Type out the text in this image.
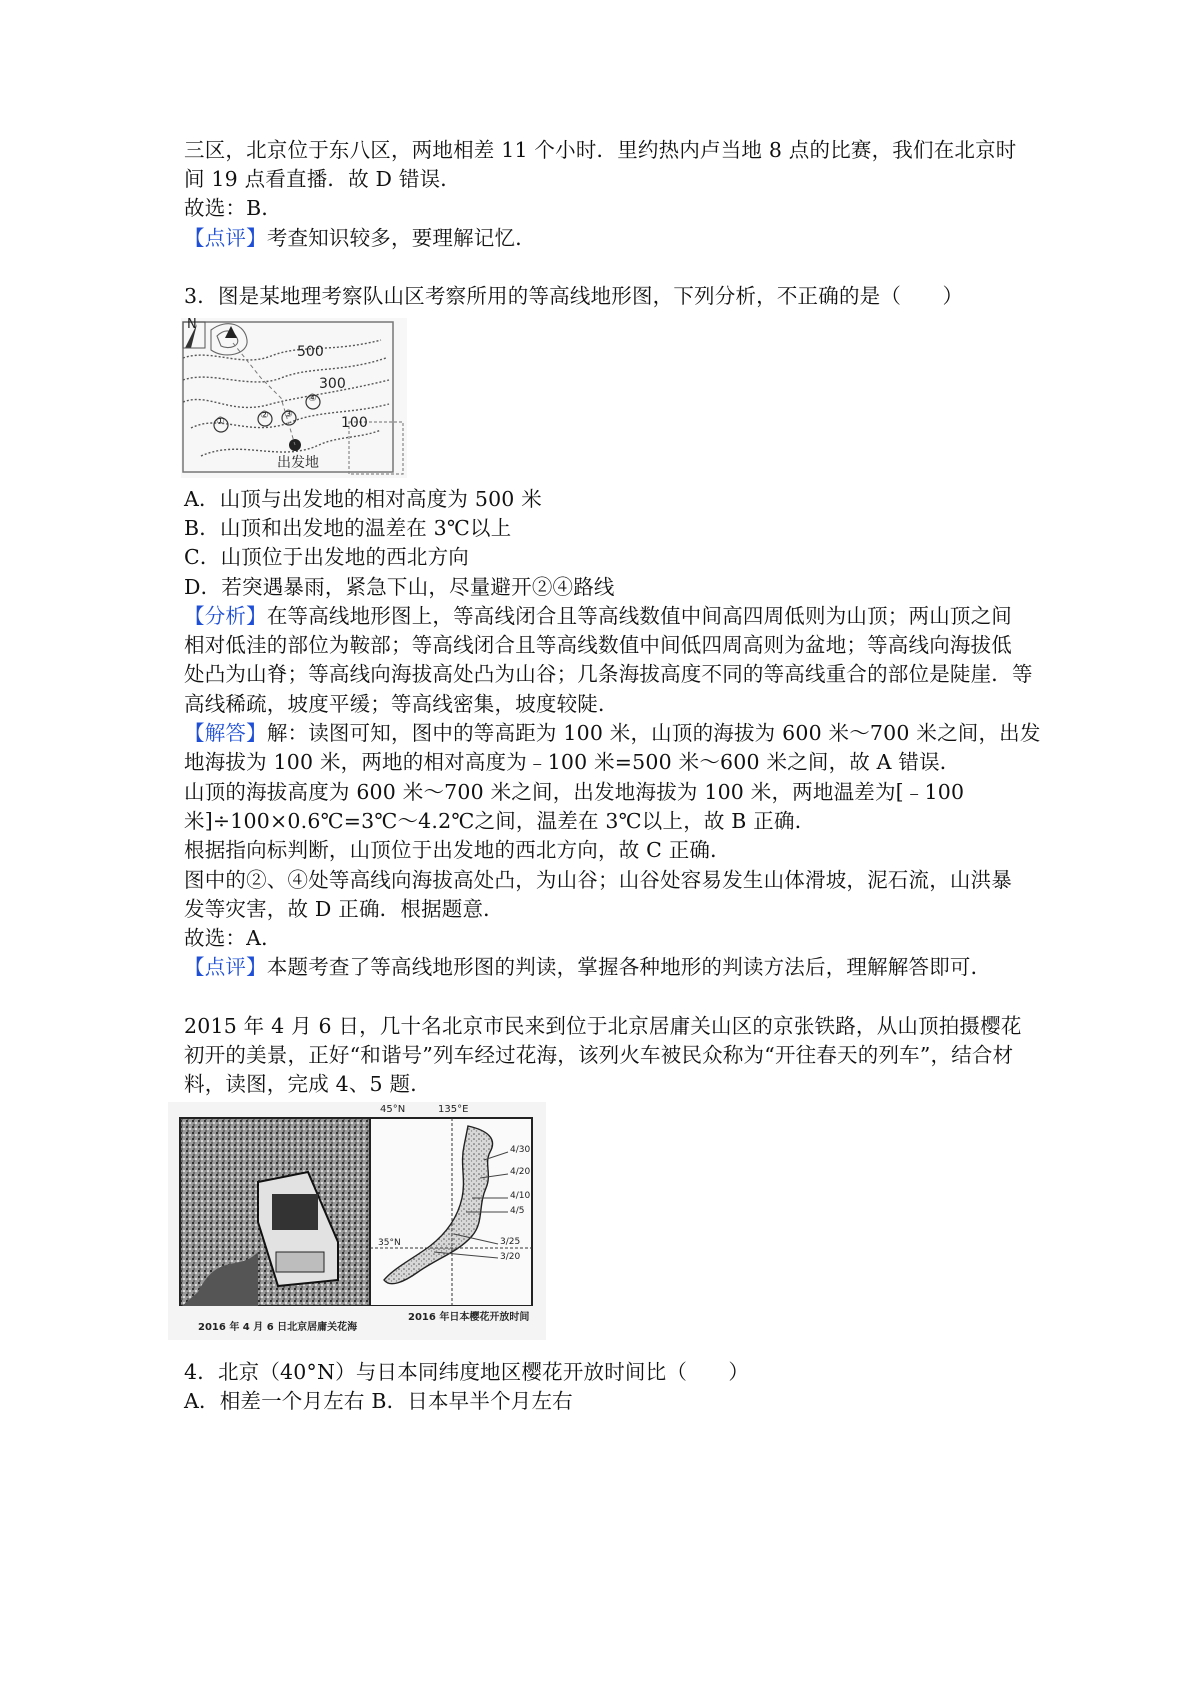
三区，北京位于东八区，两地相差 11 个小时．里约热内卢当地 8 点的比赛，我们在北京时
间 19 点看直播．故 D 错误．
故选：B．
【点评】考查知识较多，要理解记忆．
3．图是某地理考察队山区考察所用的等高线地形图，下列分析，不正确的是（　　）
N
500
300
100
①
② ③
④
出发地
A．山顶与出发地的相对高度为 500 米
B．山顶和出发地的温差在 3℃以上
C．山顶位于出发地的西北方向
D．若突遇暴雨，紧急下山，尽量避开②④路线
【分析】在等高线地形图上，等高线闭合且等高线数值中间高四周低则为山顶；两山顶之间
相对低洼的部位为鞍部；等高线闭合且等高线数值中间低四周高则为盆地；等高线向海拔低
处凸为山脊；等高线向海拔高处凸为山谷；几条海拔高度不同的等高线重合的部位是陡崖．等
高线稀疏，坡度平缓；等高线密集，坡度较陡．
【解答】解：读图可知，图中的等高距为 100 米，山顶的海拔为 600 米～700 米之间，出发
地海拔为 100 米，两地的相对高度为﹣100 米=500 米～600 米之间，故 A 错误．
山顶的海拔高度为 600 米～700 米之间，出发地海拔为 100 米，两地温差为[﹣100
米]÷100×0.6℃=3℃～4.2℃之间，温差在 3℃以上，故 B 正确．
根据指向标判断，山顶位于出发地的西北方向，故 C 正确．
图中的②、④处等高线向海拔高处凸，为山谷；山谷处容易发生山体滑坡，泥石流，山洪暴
发等灾害，故 D 正确．根据题意．
故选：A．
【点评】本题考查了等高线地形图的判读，掌握各种地形的判读方法后，理解解答即可．
2015 年 4 月 6 日，几十名北京市民来到位于北京居庸关山区的京张铁路，从山顶拍摄樱花
初开的美景，正好“和谐号”列车经过花海，该列火车被民众称为“开往春天的列车”，结合材
料，读图，完成 4、5 题．
45°N	135°E
4/30
4/20
4/10
4/5
3/25
3/20
35°N
2016 年 4 月 6 日北京居庸关花海
2016 年日本樱花开放时间
4．北京（40°N）与日本同纬度地区樱花开放时间比（　　）
A．相差一个月左右 B．日本早半个月左右
